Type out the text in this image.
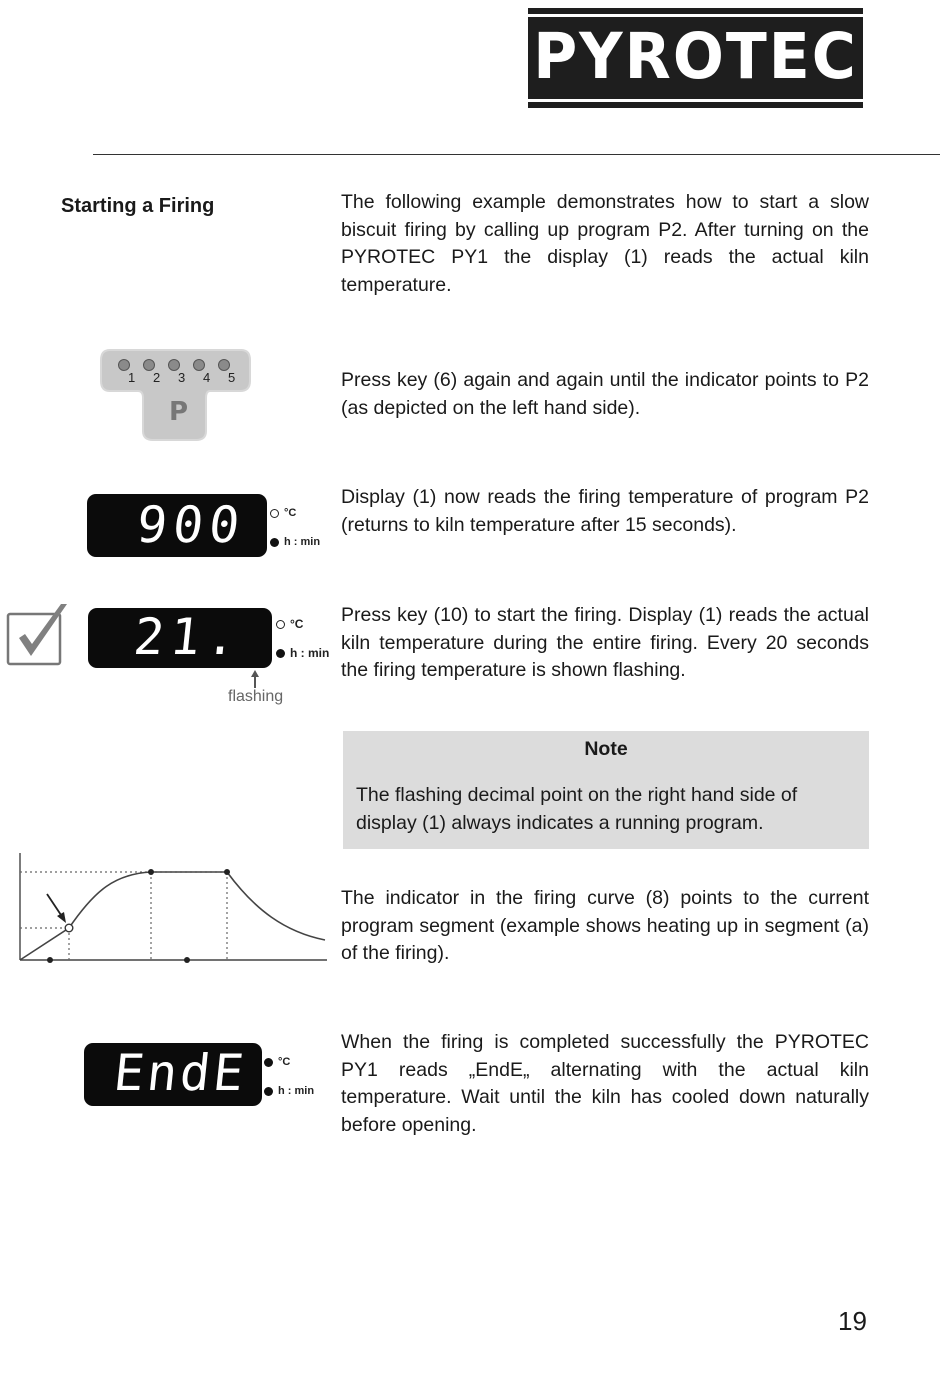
PYROTEC
Starting a Firing	The following example demonstrates how to start a slow biscuit firing by calling up program P2. After turning on the PYROTEC PY1 the display (1) reads the actual kiln temperature.
1 2 3 4 5
P
Press key (6) again and again until the indicator points to P2 (as depicted on the left hand side).
900	°C
h : min
Display (1) now reads the firing temperature of program P2 (returns to kiln temperature after 15 seconds).
21.	°C
h : min
flashing
Press key (10) to start the firing. Display (1) reads the actual kiln temperature during the entire firing. Every 20 seconds the firing temperature is shown flashing.
Note
The flashing decimal point on the right hand side of display (1) always indicates a running program.
The indicator in the firing curve (8) points to the current program segment (example shows heating up in segment (a) of the firing).
EndE	°C
h : min
When the firing is completed successfully the PYROTEC PY1 reads „EndE„ alternating with the actual kiln temperature. Wait until the kiln has cooled down naturally before opening.
19
